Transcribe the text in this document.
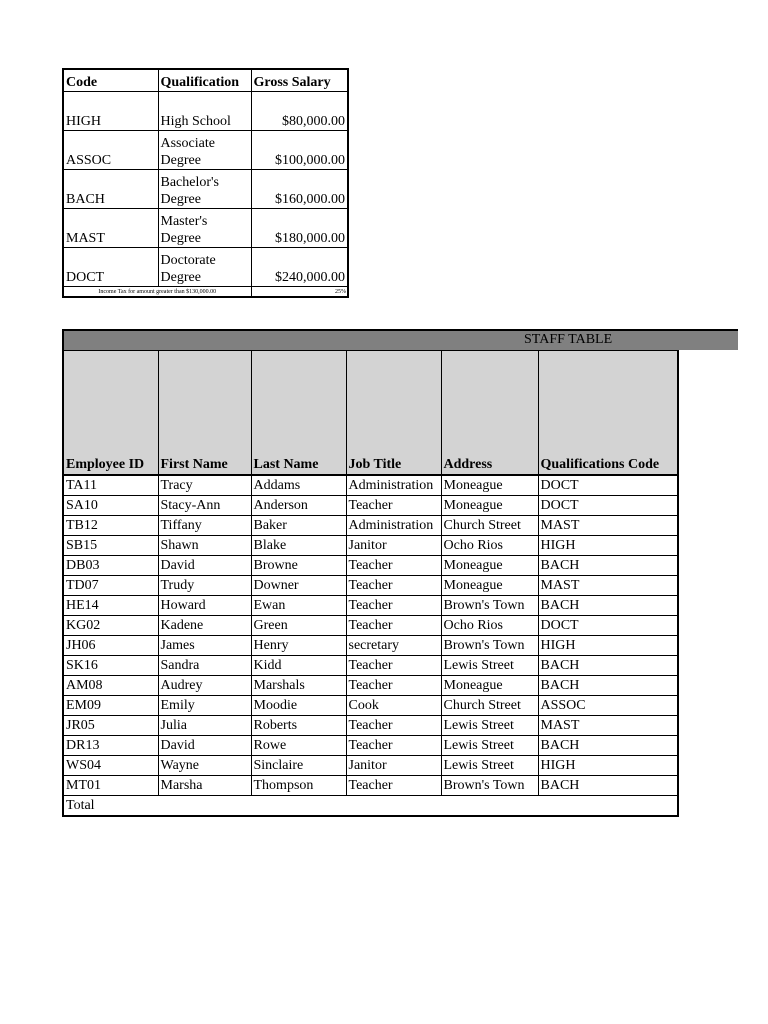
Code	Qualification	Gross Salary
HIGH	High School	$80,000.00
ASSOC	Associate Degree	$100,000.00
BACH	Bachelor's Degree	$160,000.00
MAST	Master's Degree	$180,000.00
DOCT	Doctorate Degree	$240,000.00
Income Tax for amount greater than $130,000.00		25%
STAFF TABLE
Employee ID	First Name	Last Name	Job Title	Address	Qualifications Code
TA11	Tracy	Addams	Administration	Moneague	DOCT
SA10	Stacy-Ann	Anderson	Teacher	Moneague	DOCT
TB12	Tiffany	Baker	Administration	Church Street	MAST
SB15	Shawn	Blake	Janitor	Ocho Rios	HIGH
DB03	David	Browne	Teacher	Moneague	BACH
TD07	Trudy	Downer	Teacher	Moneague	MAST
HE14	Howard	Ewan	Teacher	Brown's Town	BACH
KG02	Kadene	Green	Teacher	Ocho Rios	DOCT
JH06	James	Henry	secretary	Brown's Town	HIGH
SK16	Sandra	Kidd	Teacher	Lewis Street	BACH
AM08	Audrey	Marshals	Teacher	Moneague	BACH
EM09	Emily	Moodie	Cook	Church Street	ASSOC
JR05	Julia	Roberts	Teacher	Lewis Street	MAST
DR13	David	Rowe	Teacher	Lewis Street	BACH
WS04	Wayne	Sinclaire	Janitor	Lewis Street	HIGH
MT01	Marsha	Thompson	Teacher	Brown's Town	BACH
Total					
